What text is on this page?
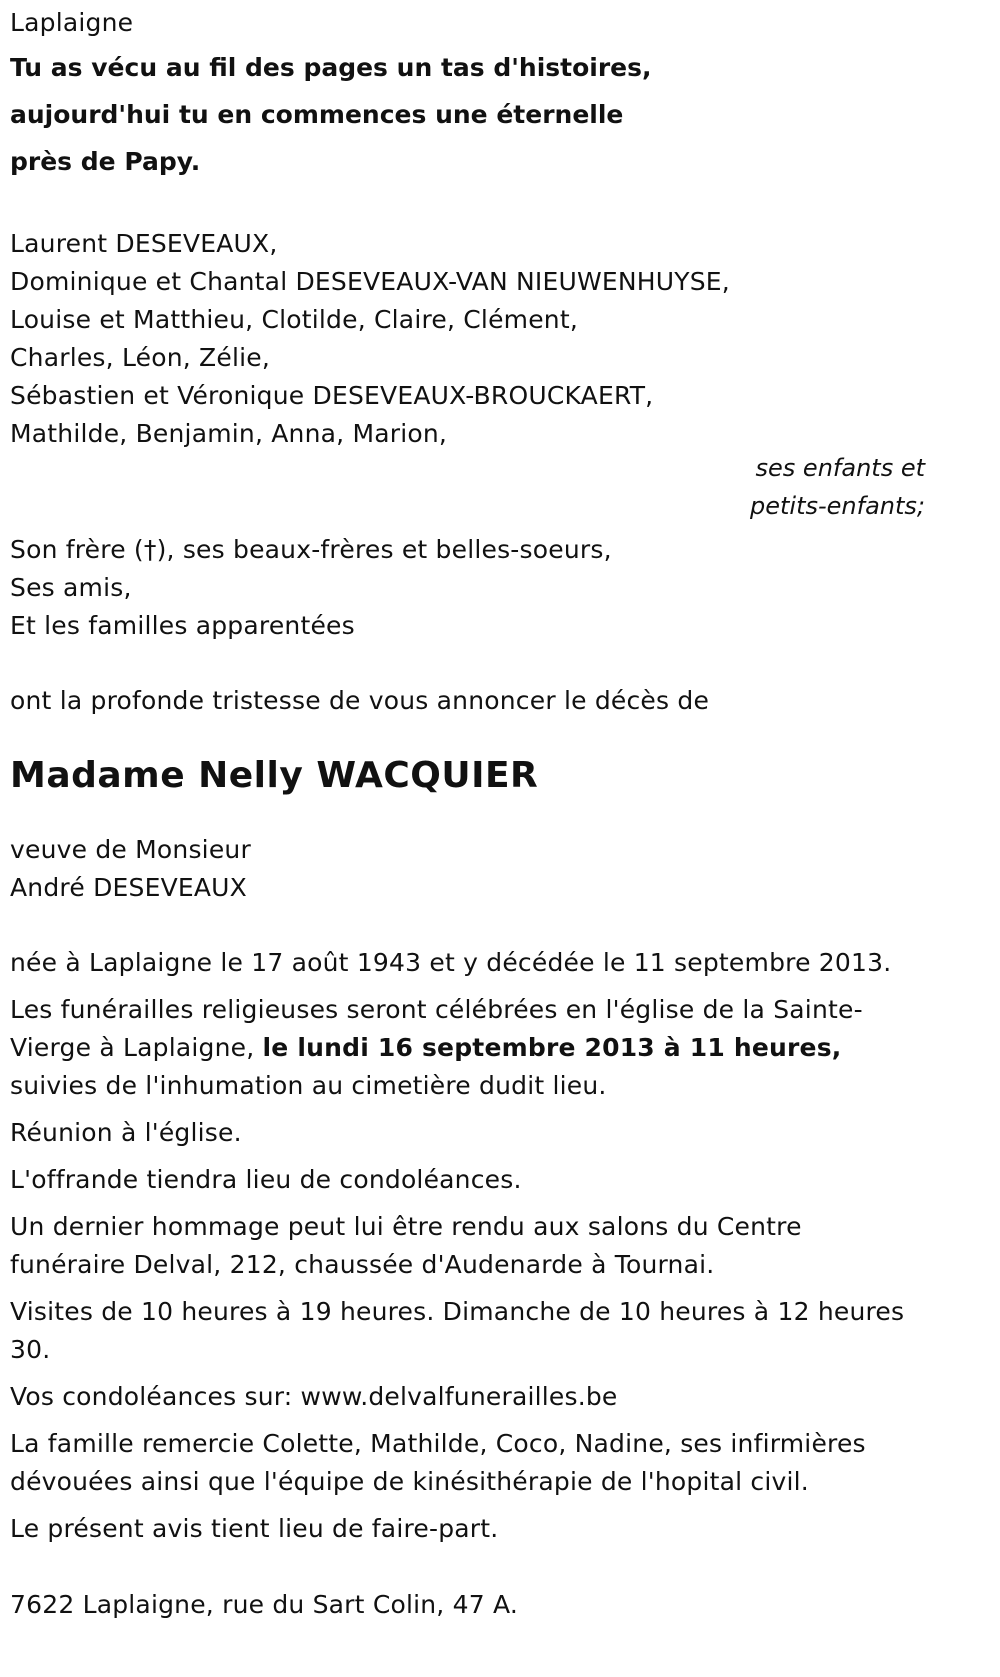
Laplaigne
Tu as vécu au fil des pages un tas d'histoires,
aujourd'hui tu en commences une éternelle
près de Papy.
Laurent DESEVEAUX,
Dominique et Chantal DESEVEAUX-VAN NIEUWENHUYSE,
Louise et Matthieu, Clotilde, Claire, Clément,
Charles, Léon, Zélie,
Sébastien et Véronique DESEVEAUX-BROUCKAERT,
Mathilde, Benjamin, Anna, Marion,
ses enfants et
petits-enfants;
Son frère (†), ses beaux-frères et belles-soeurs,
Ses amis,
Et les familles apparentées
ont la profonde tristesse de vous annoncer le décès de
Madame Nelly WACQUIER
veuve de Monsieur
André DESEVEAUX
née à Laplaigne le 17 août 1943 et y décédée le 11 septembre 2013.
Les funérailles religieuses seront célébrées en l'église de la Sainte-Vierge à Laplaigne, le lundi 16 septembre 2013 à 11 heures, suivies de l'inhumation au cimetière dudit lieu.
Réunion à l'église.
L'offrande tiendra lieu de condoléances.
Un dernier hommage peut lui être rendu aux salons du Centre funéraire Delval, 212, chaussée d'Audenarde à Tournai.
Visites de 10 heures à 19 heures. Dimanche de 10 heures à 12 heures 30.
Vos condoléances sur: www.delvalfunerailles.be
La famille remercie Colette, Mathilde, Coco, Nadine, ses infirmières dévouées ainsi que l'équipe de kinésithérapie de l'hopital civil.
Le présent avis tient lieu de faire-part.
7622 Laplaigne, rue du Sart Colin, 47 A.
